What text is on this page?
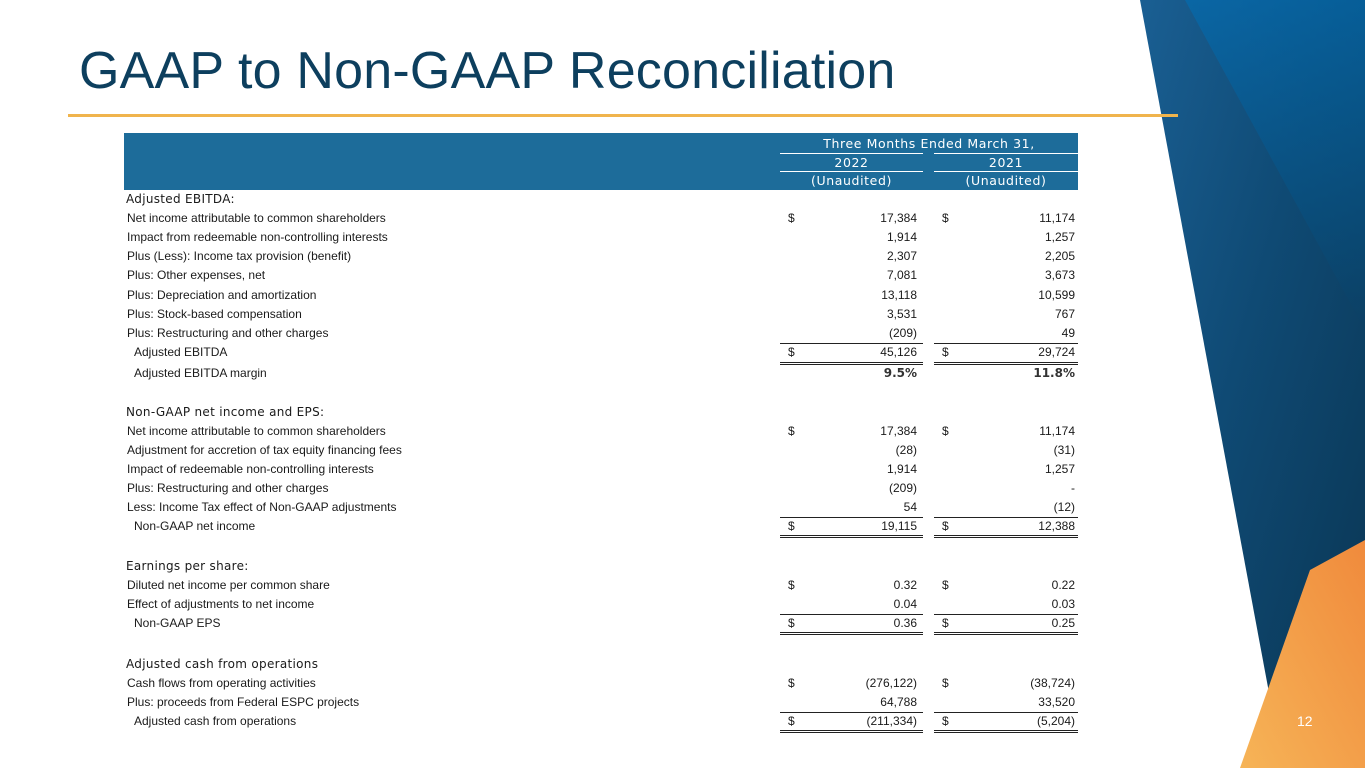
GAAP to Non-GAAP Reconciliation
12
Three Months Ended March 31,
2022	2021
(Unaudited)	(Unaudited)
Adjusted EBITDA:
Net income attributable to common shareholders	$	17,384 $	11,174
Impact from redeemable non-controlling interests	1,914	1,257
Plus (Less): Income tax provision (benefit)	2,307	2,205
Plus: Other expenses, net	7,081	3,673
Plus: Depreciation and amortization	13,118	10,599
Plus: Stock-based compensation	3,531	767
Plus: Restructuring and other charges	(209)	49
Adjusted EBITDA	$	45,126 $	29,724
Adjusted EBITDA margin	9.5%	11.8%
Non-GAAP net income and EPS:
Net income attributable to common shareholders	$	17,384 $	11,174
Adjustment for accretion of tax equity financing fees	(28)	(31)
Impact of redeemable non-controlling interests	1,914	1,257
Plus: Restructuring and other charges	(209)	-
Less: Income Tax effect of Non-GAAP adjustments	54	(12)
Non-GAAP net income	$	19,115 $	12,388
Earnings per share:
Diluted net income per common share	$	0.32 $	0.22
Effect of adjustments to net income	0.04	0.03
Non-GAAP EPS	$	0.36 $	0.25
Adjusted cash from operations
Cash flows from operating activities	$	(276,122) $	(38,724)
Plus: proceeds from Federal ESPC projects	64,788	33,520
Adjusted cash from operations	$	(211,334) $	(5,204)
